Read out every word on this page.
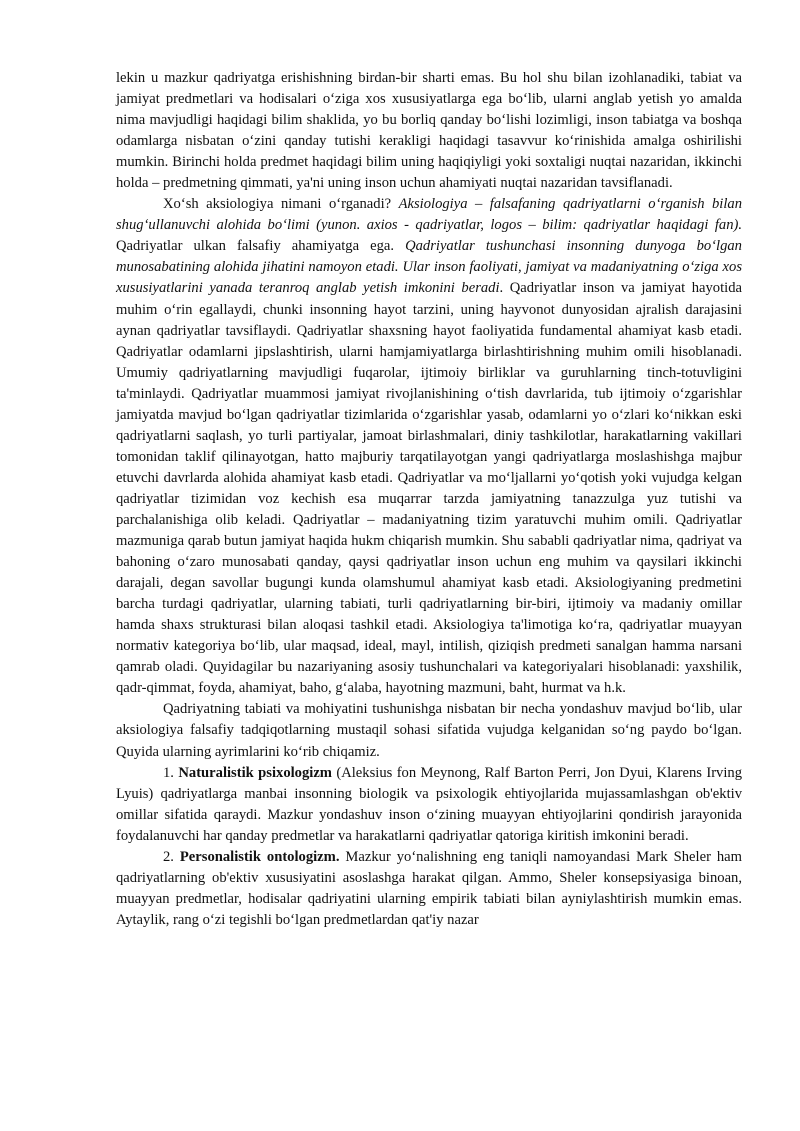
lekin u mazkur qadriyatga erishishning birdan-bir sharti emas. Bu hol shu bilan izohlanadiki, tabiat va jamiyat predmetlari va hodisalari o‘ziga xos xususiyatlarga ega bo‘lib, ularni anglab yetish yo amalda nima mavjudligi haqidagi bilim shaklida, yo bu borliq qanday bo‘lishi lozimligi, inson tabiatga va boshqa odamlarga nisbatan o‘zini qanday tutishi kerakligi haqidagi tasavvur ko‘rinishida amalga oshirilishi mumkin. Birinchi holda predmet haqidagi bilim uning haqiqiyligi yoki soxtaligi nuqtai nazaridan, ikkinchi holda – predmetning qimmati, ya'ni uning inson uchun ahamiyati nuqtai nazaridan tavsiflanadi.

Xo‘sh aksiologiya nimani o‘rganadi? Aksiologiya – falsafaning qadriyatlarni o‘rganish bilan shug‘ullanuvchi alohida bo‘limi (yunon. axios - qadriyatlar, logos – bilim: qadriyatlar haqidagi fan). Qadriyatlar ulkan falsafiy ahamiyatga ega. Qadriyatlar tushunchasi insonning dunyoga bo‘lgan munosabatining alohida jihatini namoyon etadi. Ular inson faoliyati, jamiyat va madaniyatning o‘ziga xos xususiyatlarini yanada teranroq anglab yetish imkonini beradi. Qadriyatlar inson va jamiyat hayotida muhim o‘rin egallaydi, chunki insonning hayot tarzini, uning hayvonot dunyosidan ajralish darajasini aynan qadriyatlar tavsiflaydi. Qadriyatlar shaxsning hayot faoliyatida fundamental ahamiyat kasb etadi. Qadriyatlar odamlarni jipslashtirish, ularni hamjamiyatlarga birlashtirishning muhim omili hisoblanadi. Umumiy qadriyatlarning mavjudligi fuqarolar, ijtimoiy birliklar va guruhlarning tinch-totuvligini ta'minlaydi. Qadriyatlar muammosi jamiyat rivojlanishining o‘tish davrlarida, tub ijtimoiy o‘zgarishlar jamiyatda mavjud bo‘lgan qadriyatlar tizimlarida o‘zgarishlar yasab, odamlarni yo o‘zlari ko‘nikkan eski qadriyatlarni saqlash, yo turli partiyalar, jamoat birlashmalari, diniy tashkilotlar, harakatlarning vakillari tomonidan taklif qilinayotgan, hatto majburiy tarqatilayotgan yangi qadriyatlarga moslashishga majbur etuvchi davrlarda alohida ahamiyat kasb etadi. Qadriyatlar va mo‘ljallarni yo‘qotish yoki vujudga kelgan qadriyatlar tizimidan voz kechish esa muqarrar tarzda jamiyatning tanazzulga yuz tutishi va parchalanishiga olib keladi. Qadriyatlar – madaniyatning tizim yaratuvchi muhim omili. Qadriyatlar mazmuniga qarab butun jamiyat haqida hukm chiqarish mumkin. Shu sababli qadriyatlar nima, qadriyat va bahoning o‘zaro munosabati qanday, qaysi qadriyatlar inson uchun eng muhim va qaysilari ikkinchi darajali, degan savollar bugungi kunda olamshumul ahamiyat kasb etadi. Aksiologiyaning predmetini barcha turdagi qadriyatlar, ularning tabiati, turli qadriyatlarning bir-biri, ijtimoiy va madaniy omillar hamda shaxs strukturasi bilan aloqasi tashkil etadi. Aksiologiya ta'limotiga ko‘ra, qadriyatlar muayyan normativ kategoriya bo‘lib, ular maqsad, ideal, mayl, intilish, qiziqish predmeti sanalgan hamma narsani qamrab oladi. Quyidagilar bu nazariyaning asosiy tushunchalari va kategoriyalari hisoblanadi: yaxshilik, qadr-qimmat, foyda, ahamiyat, baho, g‘alaba, hayotning mazmuni, baht, hurmat va h.k.

Qadriyatning tabiati va mohiyatini tushunishga nisbatan bir necha yondashuv mavjud bo‘lib, ular aksiologiya falsafiy tadqiqotlarning mustaqil sohasi sifatida vujudga kelganidan so‘ng paydo bo‘lgan. Quyida ularning ayrimlarini ko‘rib chiqamiz.

1. Naturalistik psixologizm (Aleksius fon Meynong, Ralf Barton Perri, Jon Dyui, Klarens Irving Lyuis) qadriyatlarga manbai insonning biologik va psixologik ehtiyojlarida mujassamlashgan ob'ektiv omillar sifatida qaraydi. Mazkur yondashuv inson o‘zining muayyan ehtiyojlarini qondirish jarayonida foydalanuvchi har qanday predmetlar va harakatlarni qadriyatlar qatoriga kiritish imkonini beradi.

2. Personalistik ontologizm. Mazkur yo‘nalishning eng taniqli namoyandasi Mark Sheler ham qadriyatlarning ob'ektiv xususiyatini asoslashga harakat qilgan. Ammo, Sheler konsepsiyasiga binoan, muayyan predmetlar, hodisalar qadriyatini ularning empirik tabiati bilan ayniylashtirish mumkin emas. Aytaylik, rang o‘zi tegishli bo‘lgan predmetlardan qat'iy nazar
